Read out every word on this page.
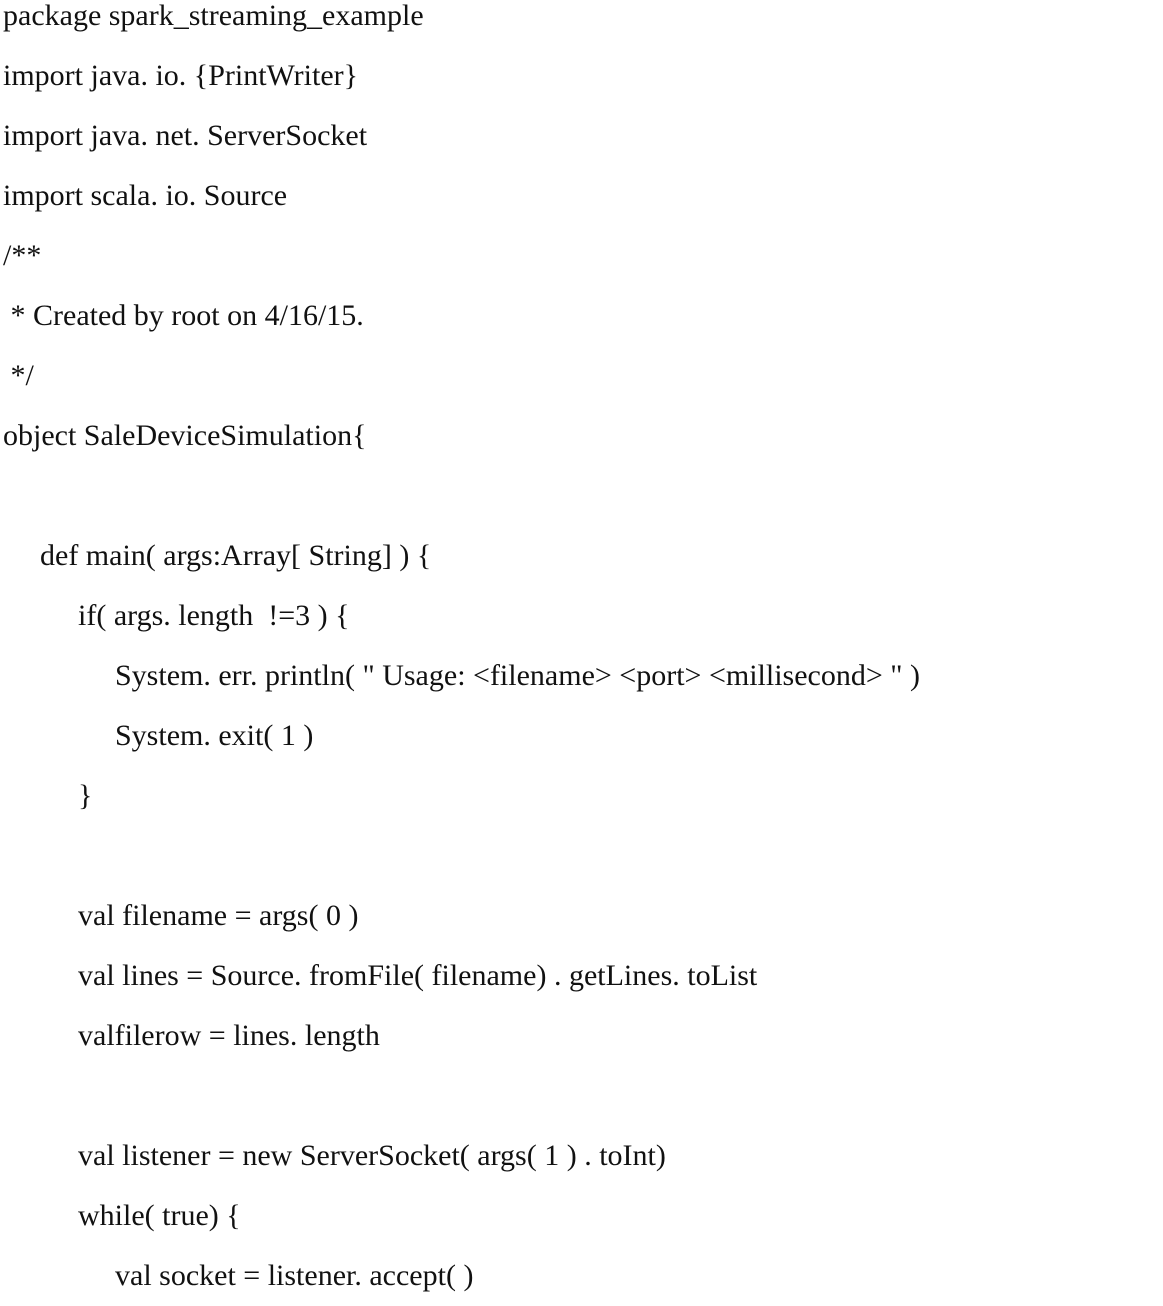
package spark_streaming_example
import java. io. {PrintWriter}
import java. net. ServerSocket
import scala. io. Source
/**
* Created by root on 4/16/15.
*/
object SaleDeviceSimulation{
def main( args:Array[ String] ) {
if( args. length  !=3 ) {
System. err. println( " Usage: <filename> <port> <millisecond> " )
System. exit( 1 )
}
val filename = args( 0 )
val lines = Source. fromFile( filename) . getLines. toList
valfilerow = lines. length
val listener = new ServerSocket( args( 1 ) . toInt)
while( true) {
val socket = listener. accept( )
